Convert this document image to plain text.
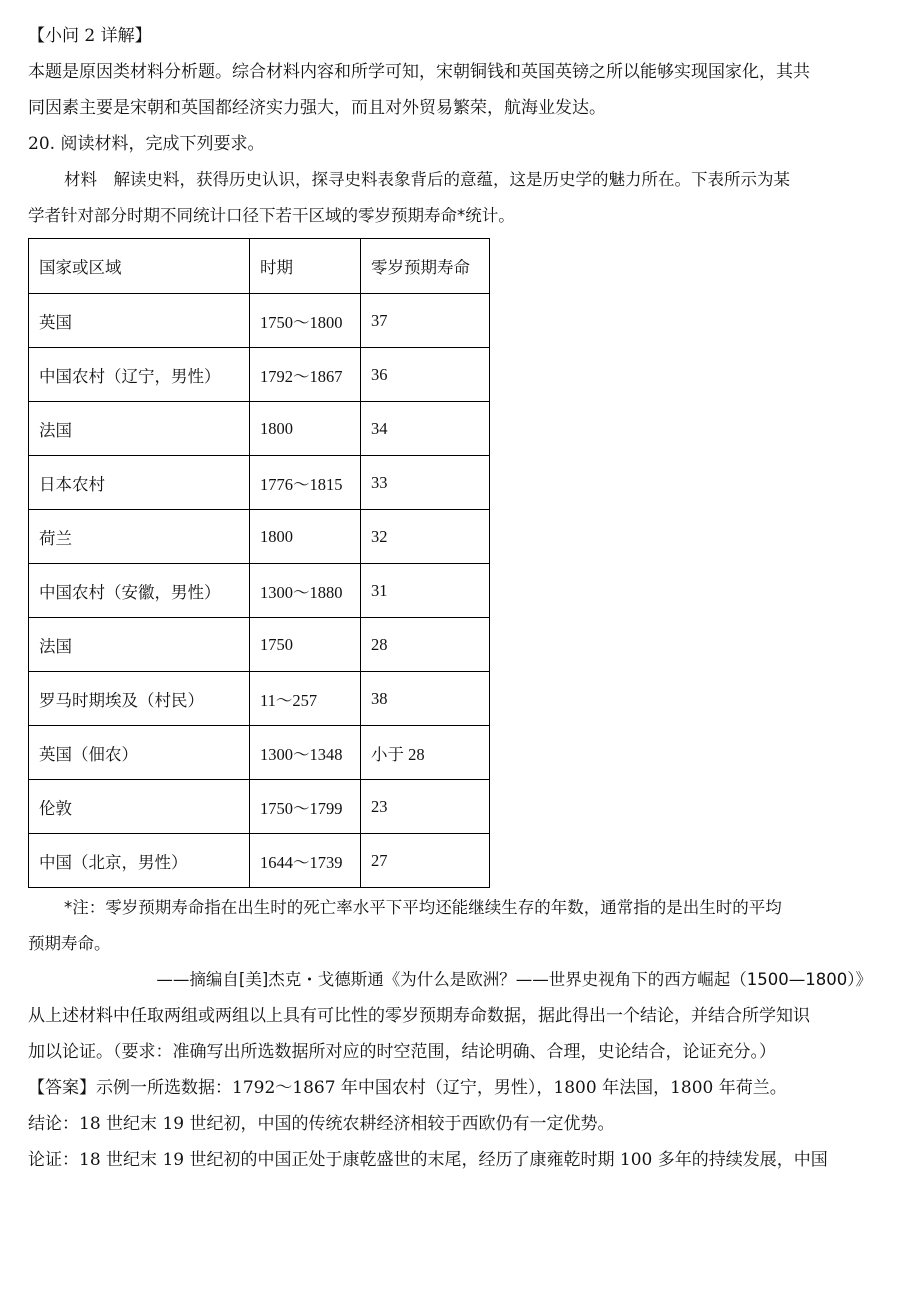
【小问 2 详解】
本题是原因类材料分析题。综合材料内容和所学可知，宋朝铜钱和英国英镑之所以能够实现国家化，其共
同因素主要是宋朝和英国都经济实力强大，而且对外贸易繁荣，航海业发达。
20. 阅读材料，完成下列要求。
材料　解读史料，获得历史认识，探寻史料表象背后的意蕴，这是历史学的魅力所在。下表所示为某
学者针对部分时期不同统计口径下若干区域的零岁预期寿命*统计。
国家或区域	时期	零岁预期寿命
英国	1750～1800	37
中国农村（辽宁，男性）	1792～1867	36
法国	1800	34
日本农村	1776～1815	33
荷兰	1800	32
中国农村（安徽，男性）	1300～1880	31
法国	1750	28
罗马时期埃及（村民）	11～257	38
英国（佃农）	1300～1348	小于 28
伦敦	1750～1799	23
中国（北京，男性）	1644～1739	27
*注：零岁预期寿命指在出生时的死亡率水平下平均还能继续生存的年数，通常指的是出生时的平均
预期寿命。
——摘编自[美]杰克・戈德斯通《为什么是欧洲？——世界史视角下的西方崛起（1500—1800）》
从上述材料中任取两组或两组以上具有可比性的零岁预期寿命数据，据此得出一个结论，并结合所学知识
加以论证。（要求：准确写出所选数据所对应的时空范围，结论明确、合理，史论结合，论证充分。）
【答案】示例一所选数据：1792～1867 年中国农村（辽宁，男性），1800 年法国，1800 年荷兰。
结论：18 世纪末 19 世纪初，中国的传统农耕经济相较于西欧仍有一定优势。
论证：18 世纪末 19 世纪初的中国正处于康乾盛世的末尾，经历了康雍乾时期 100 多年的持续发展，中国
